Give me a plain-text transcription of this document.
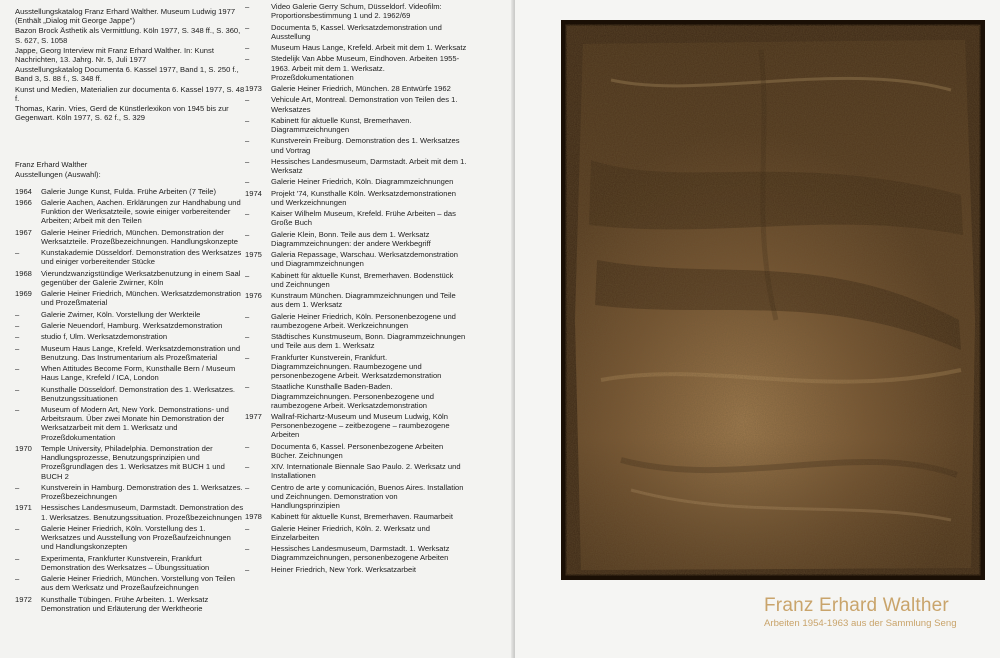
Ausstellungskatalog Franz Erhard Walther. Museum Ludwig 1977 (Enthält „Dialog mit George Jappe")

Bazon Brock Ästhetik als Vermittlung. Köln 1977, S. 348 ff., S. 360, S. 627, S. 1058

Jappe, Georg Interview mit Franz Erhard Walther. In: Kunst Nachrichten, 13. Jahrg. Nr. 5, Juli 1977

Ausstellungskatalog Documenta 6. Kassel 1977, Band 1, S. 250 f., Band 3, S. 88 f., S. 348 ff.

Kunst und Medien, Materialien zur documenta 6. Kassel 1977, S. 48 f.

Thomas, Karin. Vries, Gerd de Künstlerlexikon von 1945 bis zur Gegenwart. Köln 1977, S. 62 f., S. 329

Franz Erhard Walther
Ausstellungen (Auswahl):
1964	Galerie Junge Kunst, Fulda. Frühe Arbeiten (7 Teile)
1966	Galerie Aachen, Aachen. Erklärungen zur Handhabung und Funktion der Werksatzteile, sowie einiger vorbereitender Arbeiten; Arbeit mit den Teilen
1967	Galerie Heiner Friedrich, München. Demonstration der Werksatzteile. Prozeßbezeichnungen. Handlungskonzepte
–	Kunstakademie Düsseldorf. Demonstration des Werksatzes und einiger vorbereitender Stücke
1968	Vierundzwanzigstündige Werksatzbenutzung in einem Saal gegenüber der Galerie Zwirner, Köln
1969	Galerie Heiner Friedrich, München. Werksatzdemonstration und Prozeßmaterial
–	Galerie Zwirner, Köln. Vorstellung der Werkteile
–	Galerie Neuendorf, Hamburg. Werksatzdemonstration
–	studio f, Ulm. Werksatzdemonstration
–	Museum Haus Lange, Krefeld. Werksatzdemonstration und Benutzung. Das Instrumentarium als Prozeßmaterial
–	When Attitudes Become Form, Kunsthalle Bern / Museum Haus Lange, Krefeld / ICA, London
–	Kunsthalle Düsseldorf. Demonstration des 1. Werksatzes. Benutzungssituationen
–	Museum of Modern Art, New York. Demonstrations- und Arbeitsraum. Über zwei Monate hin Demonstration der Werksatzarbeit mit dem 1. Werksatz und Prozeßdokumentation
1970	Temple University, Philadelphia. Demonstration der Handlungsprozesse, Benutzungsprinzipien und Prozeßgrundlagen des 1. Werksatzes mit BUCH 1 und BUCH 2
–	Kunstverein in Hamburg. Demonstration des 1. Werksatzes. Prozeßbezeichnungen
1971	Hessisches Landesmuseum, Darmstadt. Demonstration des 1. Werksatzes. Benutzungssituation. Prozeßbezeichnungen
–	Galerie Heiner Friedrich, Köln. Vorstellung des 1. Werksatzes und Ausstellung von Prozeßaufzeichnungen und Handlungskonzepten
–	Experimenta, Frankfurter Kunstverein, Frankfurt Demonstration des Werksatzes – Übungssituation
–	Galerie Heiner Friedrich, München. Vorstellung von Teilen aus dem Werksatz und Prozeßaufzeichnungen
1972	Kunsthalle Tübingen. Frühe Arbeiten. 1. Werksatz Demonstration und Erläuterung der Werktheorie
–	Video Galerie Gerry Schum, Düsseldorf. Videofilm: Proportionsbestimmung 1 und 2. 1962/69
–	Documenta 5, Kassel. Werksatzdemonstration und Ausstellung
–	Museum Haus Lange, Krefeld. Arbeit mit dem 1. Werksatz
–	Stedelijk Van Abbe Museum, Eindhoven. Arbeiten 1955-1963. Arbeit mit dem 1. Werksatz. Prozeßdokumentationen
1973	Galerie Heiner Friedrich, München. 28 Entwürfe 1962
–	Vehicule Art, Montreal. Demonstration von Teilen des 1. Werksatzes
–	Kabinett für aktuelle Kunst, Bremerhaven. Diagrammzeichnungen
–	Kunstverein Freiburg. Demonstration des 1. Werksatzes und Vortrag
–	Hessisches Landesmuseum, Darmstadt. Arbeit mit dem 1. Werksatz
–	Galerie Heiner Friedrich, Köln. Diagrammzeichnungen
1974	Projekt '74, Kunsthalle Köln. Werksatzdemonstrationen und Werkzeichnungen
–	Kaiser Wilhelm Museum, Krefeld. Frühe Arbeiten – das Große Buch
–	Galerie Klein, Bonn. Teile aus dem 1. Werksatz Diagrammzeichnungen: der andere Werkbegriff
1975	Galeria Repassage, Warschau. Werksatzdemonstration und Diagrammzeichnungen
–	Kabinett für aktuelle Kunst, Bremerhaven. Bodenstück und Zeichnungen
1976	Kunstraum München. Diagrammzeichnungen und Teile aus dem 1. Werksatz
–	Galerie Heiner Friedrich, Köln. Personenbezogene und raumbezogene Arbeit. Werkzeichnungen
–	Städtisches Kunstmuseum, Bonn. Diagrammzeichnungen und Teile aus dem 1. Werksatz
–	Frankfurter Kunstverein, Frankfurt. Diagrammzeichnungen. Raumbezogene und personenbezogene Arbeit. Werksatzdemonstration
–	Staatliche Kunsthalle Baden-Baden. Diagrammzeichnungen. Personenbezogene und raumbezogene Arbeit. Werksatzdemonstration
1977	Wallraf-Richartz-Museum und Museum Ludwig, Köln Personenbezogene – zeitbezogene – raumbezogene Arbeiten
–	Documenta 6, Kassel. Personenbezogene Arbeiten Bücher. Zeichnungen
–	XIV. Internationale Biennale Sao Paulo. 2. Werksatz und Installationen
–	Centro de arte y comunicación, Buenos Aires. Installation und Zeichnungen. Demonstration von Handlungsprinzipien
1978	Kabinett für aktuelle Kunst, Bremerhaven. Raumarbeit
–	Galerie Heiner Friedrich, Köln. 2. Werksatz und Einzelarbeiten
–	Hessisches Landesmuseum, Darmstadt. 1. Werksatz Diagrammzeichnungen, personenbezogene Arbeiten
–	Heiner Friedrich, New York. Werksatzarbeit
Franz Erhard Walther
Arbeiten 1954-1963 aus der Sammlung Seng
